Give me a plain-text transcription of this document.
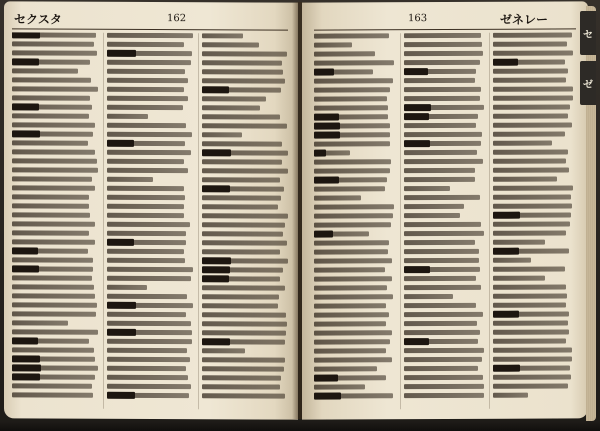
セクスタ	162	163	ゼネレー
セ
ゼ
